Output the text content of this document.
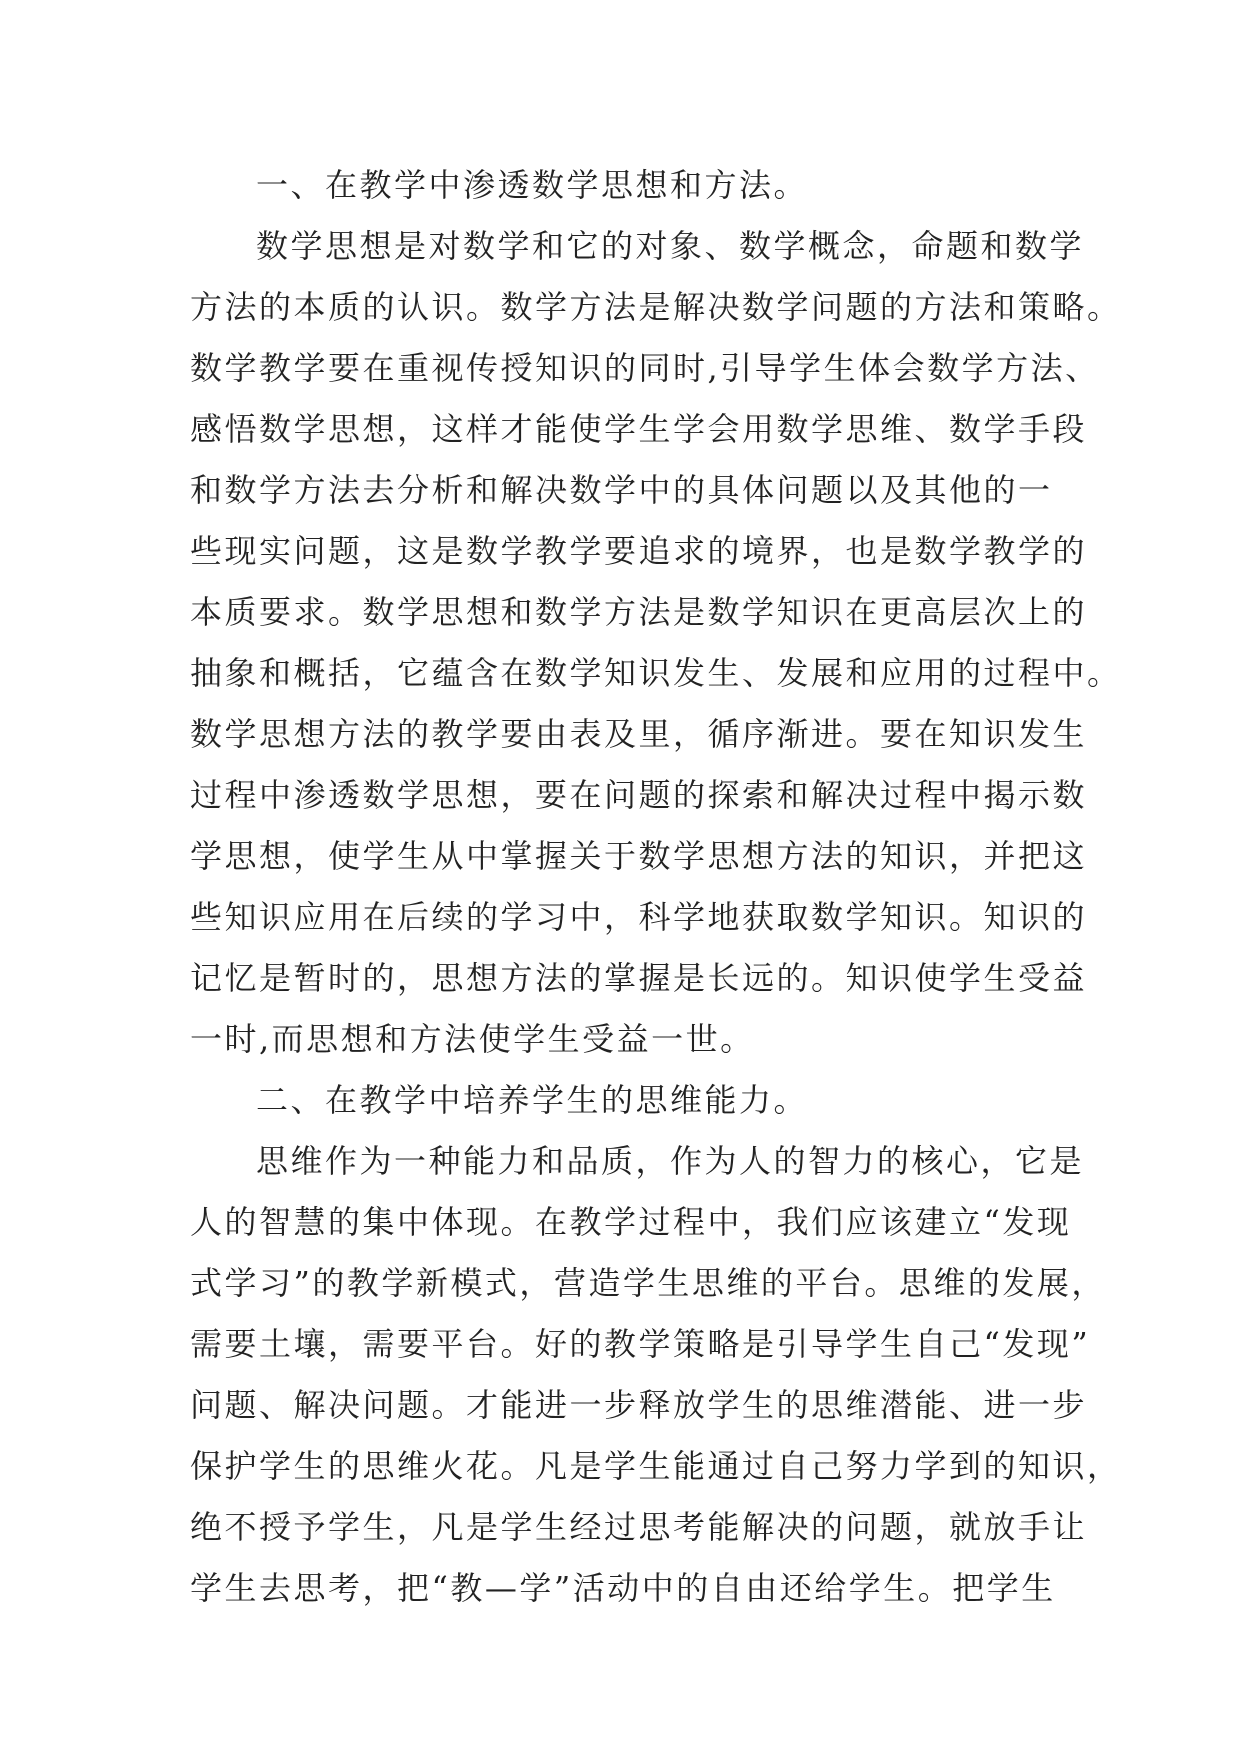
一、在教学中渗透数学思想和方法。
数学思想是对数学和它的对象、数学概念，命题和数学
方法的本质的认识。数学方法是解决数学问题的方法和策略。
数学教学要在重视传授知识的同时,引导学生体会数学方法、
感悟数学思想，这样才能使学生学会用数学思维、数学手段
和数学方法去分析和解决数学中的具体问题以及其他的一
些现实问题，这是数学教学要追求的境界，也是数学教学的
本质要求。数学思想和数学方法是数学知识在更高层次上的
抽象和概括，它蕴含在数学知识发生、发展和应用的过程中。
数学思想方法的教学要由表及里，循序渐进。要在知识发生
过程中渗透数学思想，要在问题的探索和解决过程中揭示数
学思想，使学生从中掌握关于数学思想方法的知识，并把这
些知识应用在后续的学习中，科学地获取数学知识。知识的
记忆是暂时的，思想方法的掌握是长远的。知识使学生受益
一时,而思想和方法使学生受益一世。
二、在教学中培养学生的思维能力。
思维作为一种能力和品质，作为人的智力的核心，它是
人的智慧的集中体现。在教学过程中，我们应该建立“发现
式学习”的教学新模式，营造学生思维的平台。思维的发展，
需要土壤，需要平台。好的教学策略是引导学生自己“发现”
问题、解决问题。才能进一步释放学生的思维潜能、进一步
保护学生的思维火花。凡是学生能通过自己努力学到的知识，
绝不授予学生，凡是学生经过思考能解决的问题，就放手让
学生去思考，把“教—学”活动中的自由还给学生。把学生
